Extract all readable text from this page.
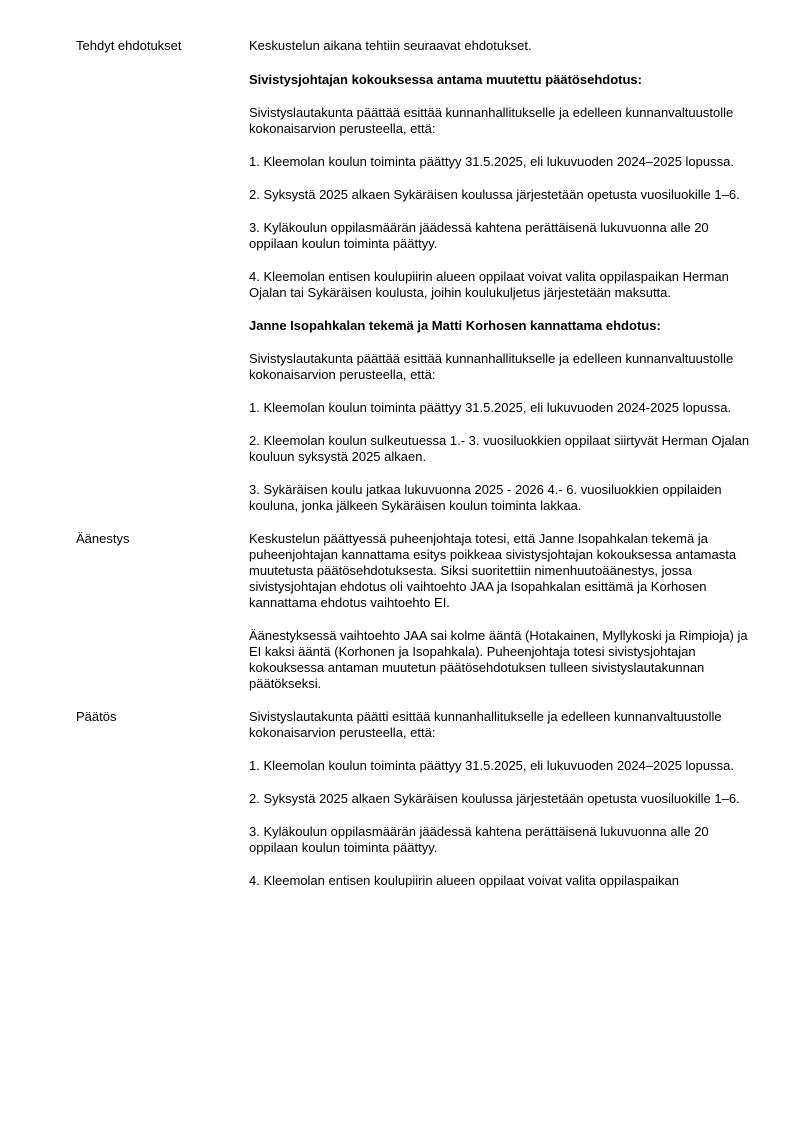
Tehdyt ehdotukset	Keskustelun aikana tehtiin seuraavat ehdotukset.

Sivistysjohtajan kokouksessa antama muutettu päätösehdotus:

Sivistyslautakunta päättää esittää kunnanhallitukselle ja edelleen kunnanvaltuustolle kokonaisarvion perusteella, että:

1. Kleemolan koulun toiminta päättyy 31.5.2025, eli lukuvuoden 2024–2025 lopussa.

2. Syksystä 2025 alkaen Sykäräisen koulussa järjestetään opetusta vuosiluokille 1–6.

3. Kyläkoulun oppilasmäärän jäädessä kahtena perättäisenä lukuvuonna alle 20 oppilaan koulun toiminta päättyy.

4. Kleemolan entisen koulupiirin alueen oppilaat voivat valita oppilaspaikan Herman Ojalan tai Sykäräisen koulusta, joihin koulukuljetus järjestetään maksutta.

Janne Isopahkalan tekemä ja Matti Korhosen kannattama ehdotus:

Sivistyslautakunta päättää esittää kunnanhallitukselle ja edelleen kunnanvaltuustolle kokonaisarvion perusteella, että:

1. Kleemolan koulun toiminta päättyy 31.5.2025, eli lukuvuoden 2024-2025 lopussa.

2. Kleemolan koulun sulkeutuessa 1.- 3. vuosiluokkien oppilaat siirtyvät Herman Ojalan kouluun syksystä 2025 alkaen.

3. Sykäräisen koulu jatkaa lukuvuonna 2025 - 2026 4.- 6. vuosiluokkien oppilaiden kouluna, jonka jälkeen Sykäräisen koulun toiminta lakkaa.

Äänestys	Keskustelun päättyessä puheenjohtaja totesi, että Janne Isopahkalan tekemä ja puheenjohtajan kannattama esitys poikkeaa sivistysjohtajan kokouksessa antamasta muutetusta päätösehdotuksesta. Siksi suoritettiin nimenhuutoäänestys, jossa sivistysjohtajan ehdotus oli vaihtoehto JAA ja Isopahkalan esittämä ja Korhosen kannattama ehdotus vaihtoehto EI.

Äänestyksessä vaihtoehto JAA sai kolme ääntä (Hotakainen, Myllykoski ja Rimpioja) ja EI kaksi ääntä (Korhonen ja Isopahkala). Puheenjohtaja totesi sivistysjohtajan kokouksessa antaman muutetun päätösehdotuksen tulleen sivistyslautakunnan päätökseksi.

Päätös	Sivistyslautakunta päätti esittää kunnanhallitukselle ja edelleen kunnanvaltuustolle kokonaisarvion perusteella, että:

1. Kleemolan koulun toiminta päättyy 31.5.2025, eli lukuvuoden 2024–2025 lopussa.

2. Syksystä 2025 alkaen Sykäräisen koulussa järjestetään opetusta vuosiluokille 1–6.

3. Kyläkoulun oppilasmäärän jäädessä kahtena perättäisenä lukuvuonna alle 20 oppilaan koulun toiminta päättyy.

4. Kleemolan entisen koulupiirin alueen oppilaat voivat valita oppilaspaikan
